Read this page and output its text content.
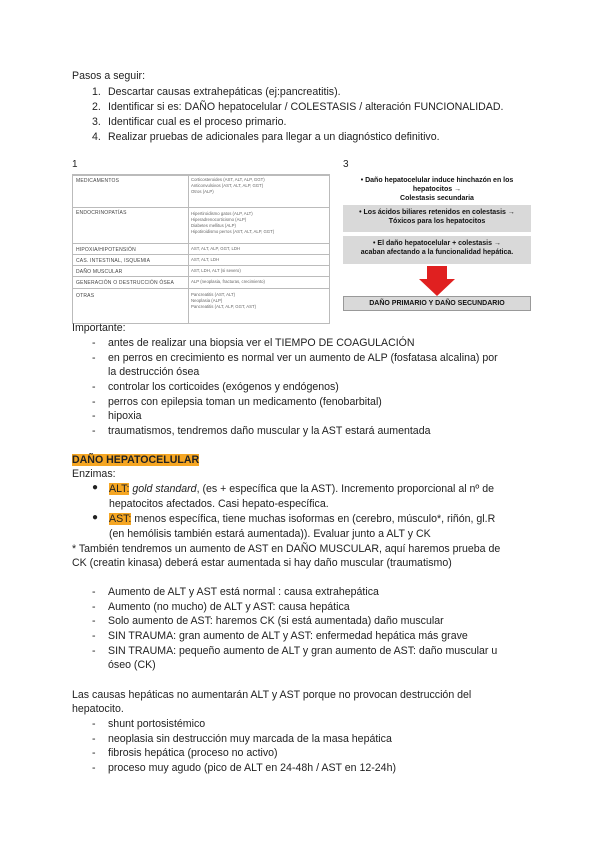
Pasos a seguir:
1. Descartar causas extrahepáticas (ej:pancreatitis).
2. Identificar si es: DAÑO hepatocelular / COLESTASIS / alteración FUNCIONALIDAD.
3. Identificar cual es el proceso primario.
4. Realizar pruebas de adicionales para llegar a un diagnóstico definitivo.
1	3
MEDICAMENTOS	Corticosteroides (AST, ALT, ALP, GGT)
Anticonvulsivos (AST, ALT, ALP, GGT)
Otros (ALP)
ENDOCRINOPATÍAS	Hipertiroidismo gatos (ALP, ALT)
Hiperadrenocorticismo (ALP)
Diabetes mellitus (ALP)
Hipotiroidismo perros (AST, ALT, ALP, GGT)
HIPOXIA/HIPOTENSIÓN	AST, ALT, ALP, GGT, LDH
CAS. INTESTINAL, ISQUEMIA	AST, ALT, LDH
DAÑO MUSCULAR	AST, LDH, ALT (si severo)
GENERACIÓN O DESTRUCCIÓN ÓSEA	ALP (neoplasia, fracturas, crecimiento)
OTRAS	Pancreatitis (AST, ALT)
Neoplasia (ALP)
Pancreatitis (ALT, ALP, GGT, AST)
• Daño hepatocelular induce hinchazón en los hepatocitos →
Colestasis secundaria
• Los ácidos biliares retenidos en colestasis →
Tóxicos para los hepatocitos
• El daño hepatocelular + colestasis →
acaban afectando a la funcionalidad hepática.
DAÑO PRIMARIO Y DAÑO SECUNDARIO
Importante:
- antes de realizar una biopsia ver el TIEMPO DE COAGULACIÓN
- en perros en crecimiento es normal ver un aumento de ALP (fosfatasa alcalina) por
la destrucción ósea
- controlar los corticoides (exógenos y endógenos)
- perros con epilepsia toman un medicamento (fenobarbital)
- hipoxia
- traumatismos, tendremos daño muscular y la AST estará aumentada
DAÑO HEPATOCELULAR
Enzimas:
● ALT: gold standard, (es + específica que la AST). Incremento proporcional al nº de
hepatocitos afectados. Casi hepato-específica.
● AST: menos específica, tiene muchas isoformas en (cerebro, músculo*, riñón, gl.R
(en hemólisis también estará aumentada)). Evaluar junto a ALT y CK
* También tendremos un aumento de AST en DAÑO MUSCULAR, aquí haremos prueba de
CK (creatin kinasa) deberá estar aumentada si hay daño muscular (traumatismo)
- Aumento de ALT y AST está normal : causa extrahepática
- Aumento (no mucho) de ALT y AST: causa hepática
- Solo aumento de AST: haremos CK (si está aumentada) daño muscular
- SIN TRAUMA: gran aumento de ALT y AST: enfermedad hepática más grave
- SIN TRAUMA: pequeño aumento de ALT y gran aumento de AST: daño muscular u
óseo (CK)
Las causas hepáticas no aumentarán ALT y AST porque no provocan destrucción del
hepatocito.
- shunt portosistémico
- neoplasia sin destrucción muy marcada de la masa hepática
- fibrosis hepática (proceso no activo)
- proceso muy agudo (pico de ALT en 24-48h / AST en 12-24h)
